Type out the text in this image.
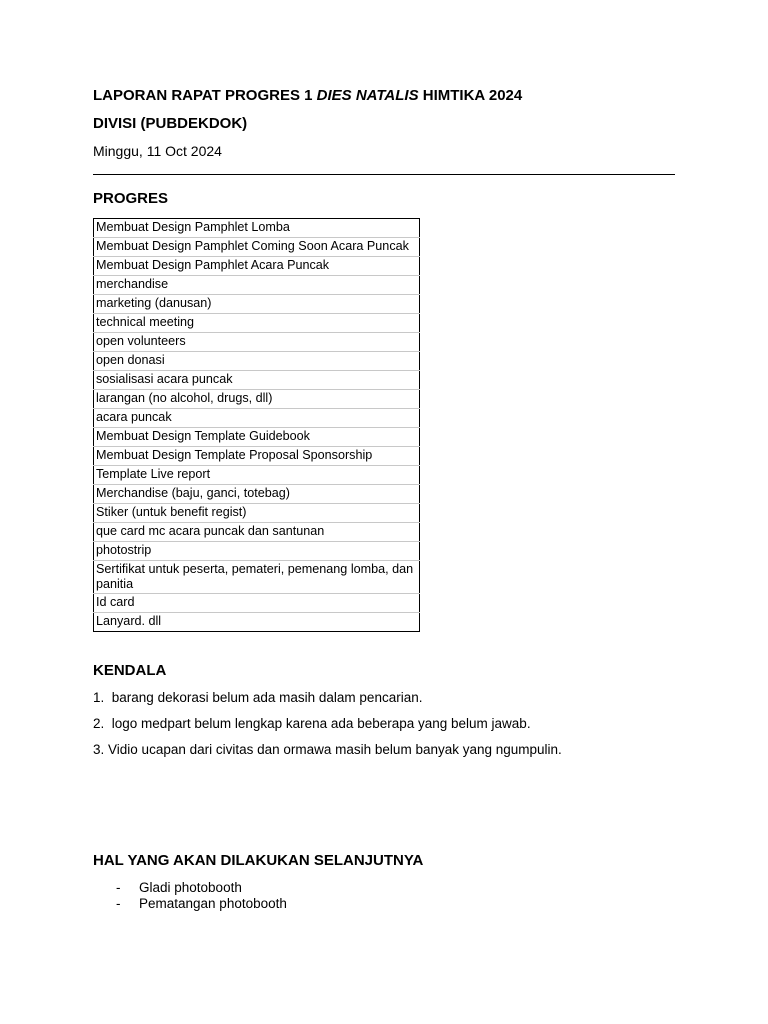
LAPORAN RAPAT PROGRES 1 DIES NATALIS HIMTIKA 2024
DIVISI (PUBDEKDOK)
Minggu, 11 Oct 2024
PROGRES
Membuat Design Pamphlet Lomba
Membuat Design Pamphlet Coming Soon Acara Puncak
Membuat Design Pamphlet Acara Puncak
merchandise
marketing (danusan)
technical meeting
open volunteers
open donasi
sosialisasi acara puncak
larangan (no alcohol, drugs, dll)
acara puncak
Membuat Design Template Guidebook
Membuat Design Template Proposal Sponsorship
Template Live report
Merchandise (baju, ganci, totebag)
Stiker (untuk benefit regist)
que card mc acara puncak dan santunan
photostrip
Sertifikat untuk peserta, pemateri, pemenang lomba, dan panitia
Id card
Lanyard. dll
KENDALA
1. barang dekorasi belum ada masih dalam pencarian.
2. logo medpart belum lengkap karena ada beberapa yang belum jawab.
3. Vidio ucapan dari civitas dan ormawa masih belum banyak yang ngumpulin.
HAL YANG AKAN DILAKUKAN SELANJUTNYA
- Gladi photobooth
- Pematangan photobooth
